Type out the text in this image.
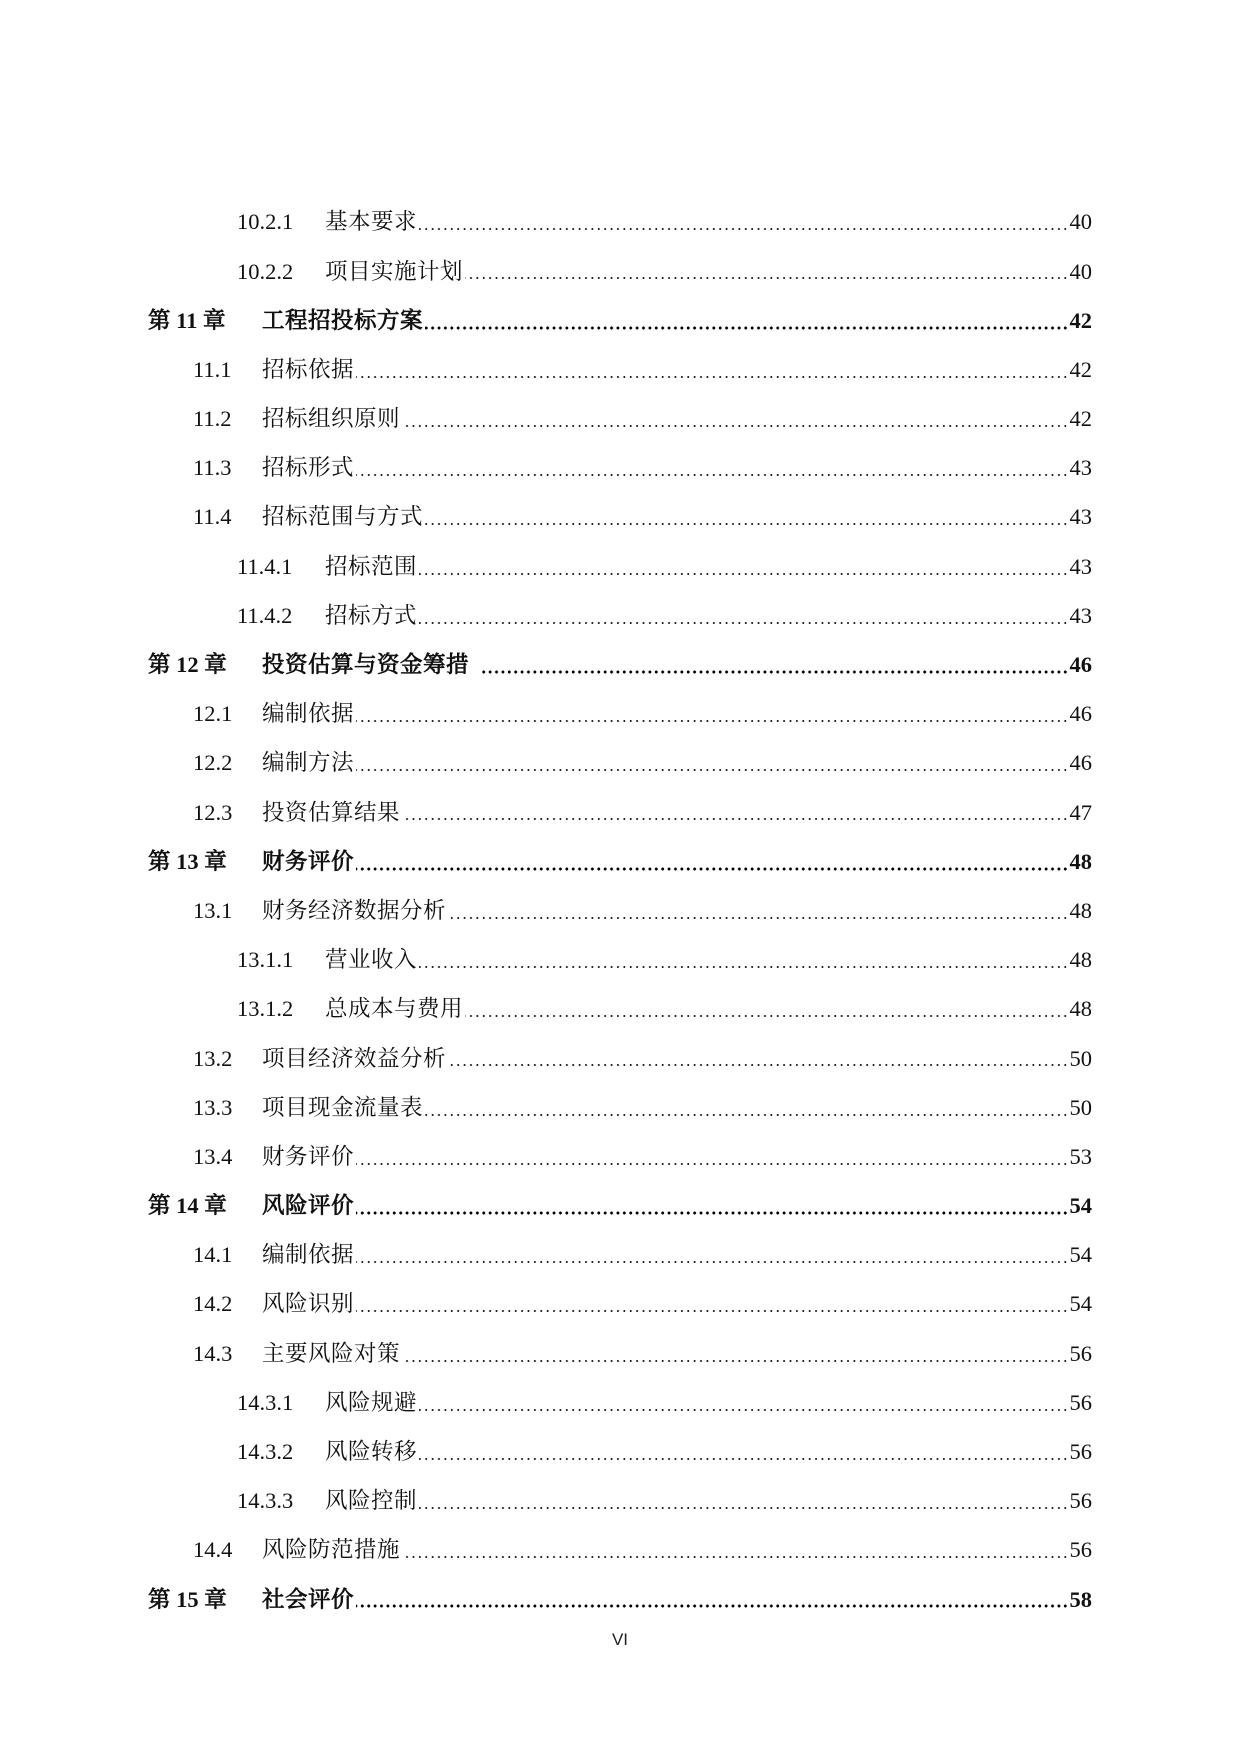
10.2.1 基本要求	40
10.2.2 项目实施计划	40
第 11 章 工程招投标方案	42
11.1 招标依据	42
11.2 招标组织原则	42
11.3 招标形式	43
11.4 招标范围与方式	43
11.4.1 招标范围	43
11.4.2 招标方式	43
第 12 章 投资估算与资金筹措	46
12.1 编制依据	46
12.2 编制方法	46
12.3 投资估算结果	47
第 13 章 财务评价	48
13.1 财务经济数据分析	48
13.1.1 营业收入	48
13.1.2 总成本与费用	48
13.2 项目经济效益分析	50
13.3 项目现金流量表	50
13.4 财务评价	53
第 14 章 风险评价	54
14.1 编制依据	54
14.2 风险识别	54
14.3 主要风险对策	56
14.3.1 风险规避	56
14.3.2 风险转移	56
14.3.3 风险控制	56
14.4 风险防范措施	56
第 15 章 社会评价	58
VI
